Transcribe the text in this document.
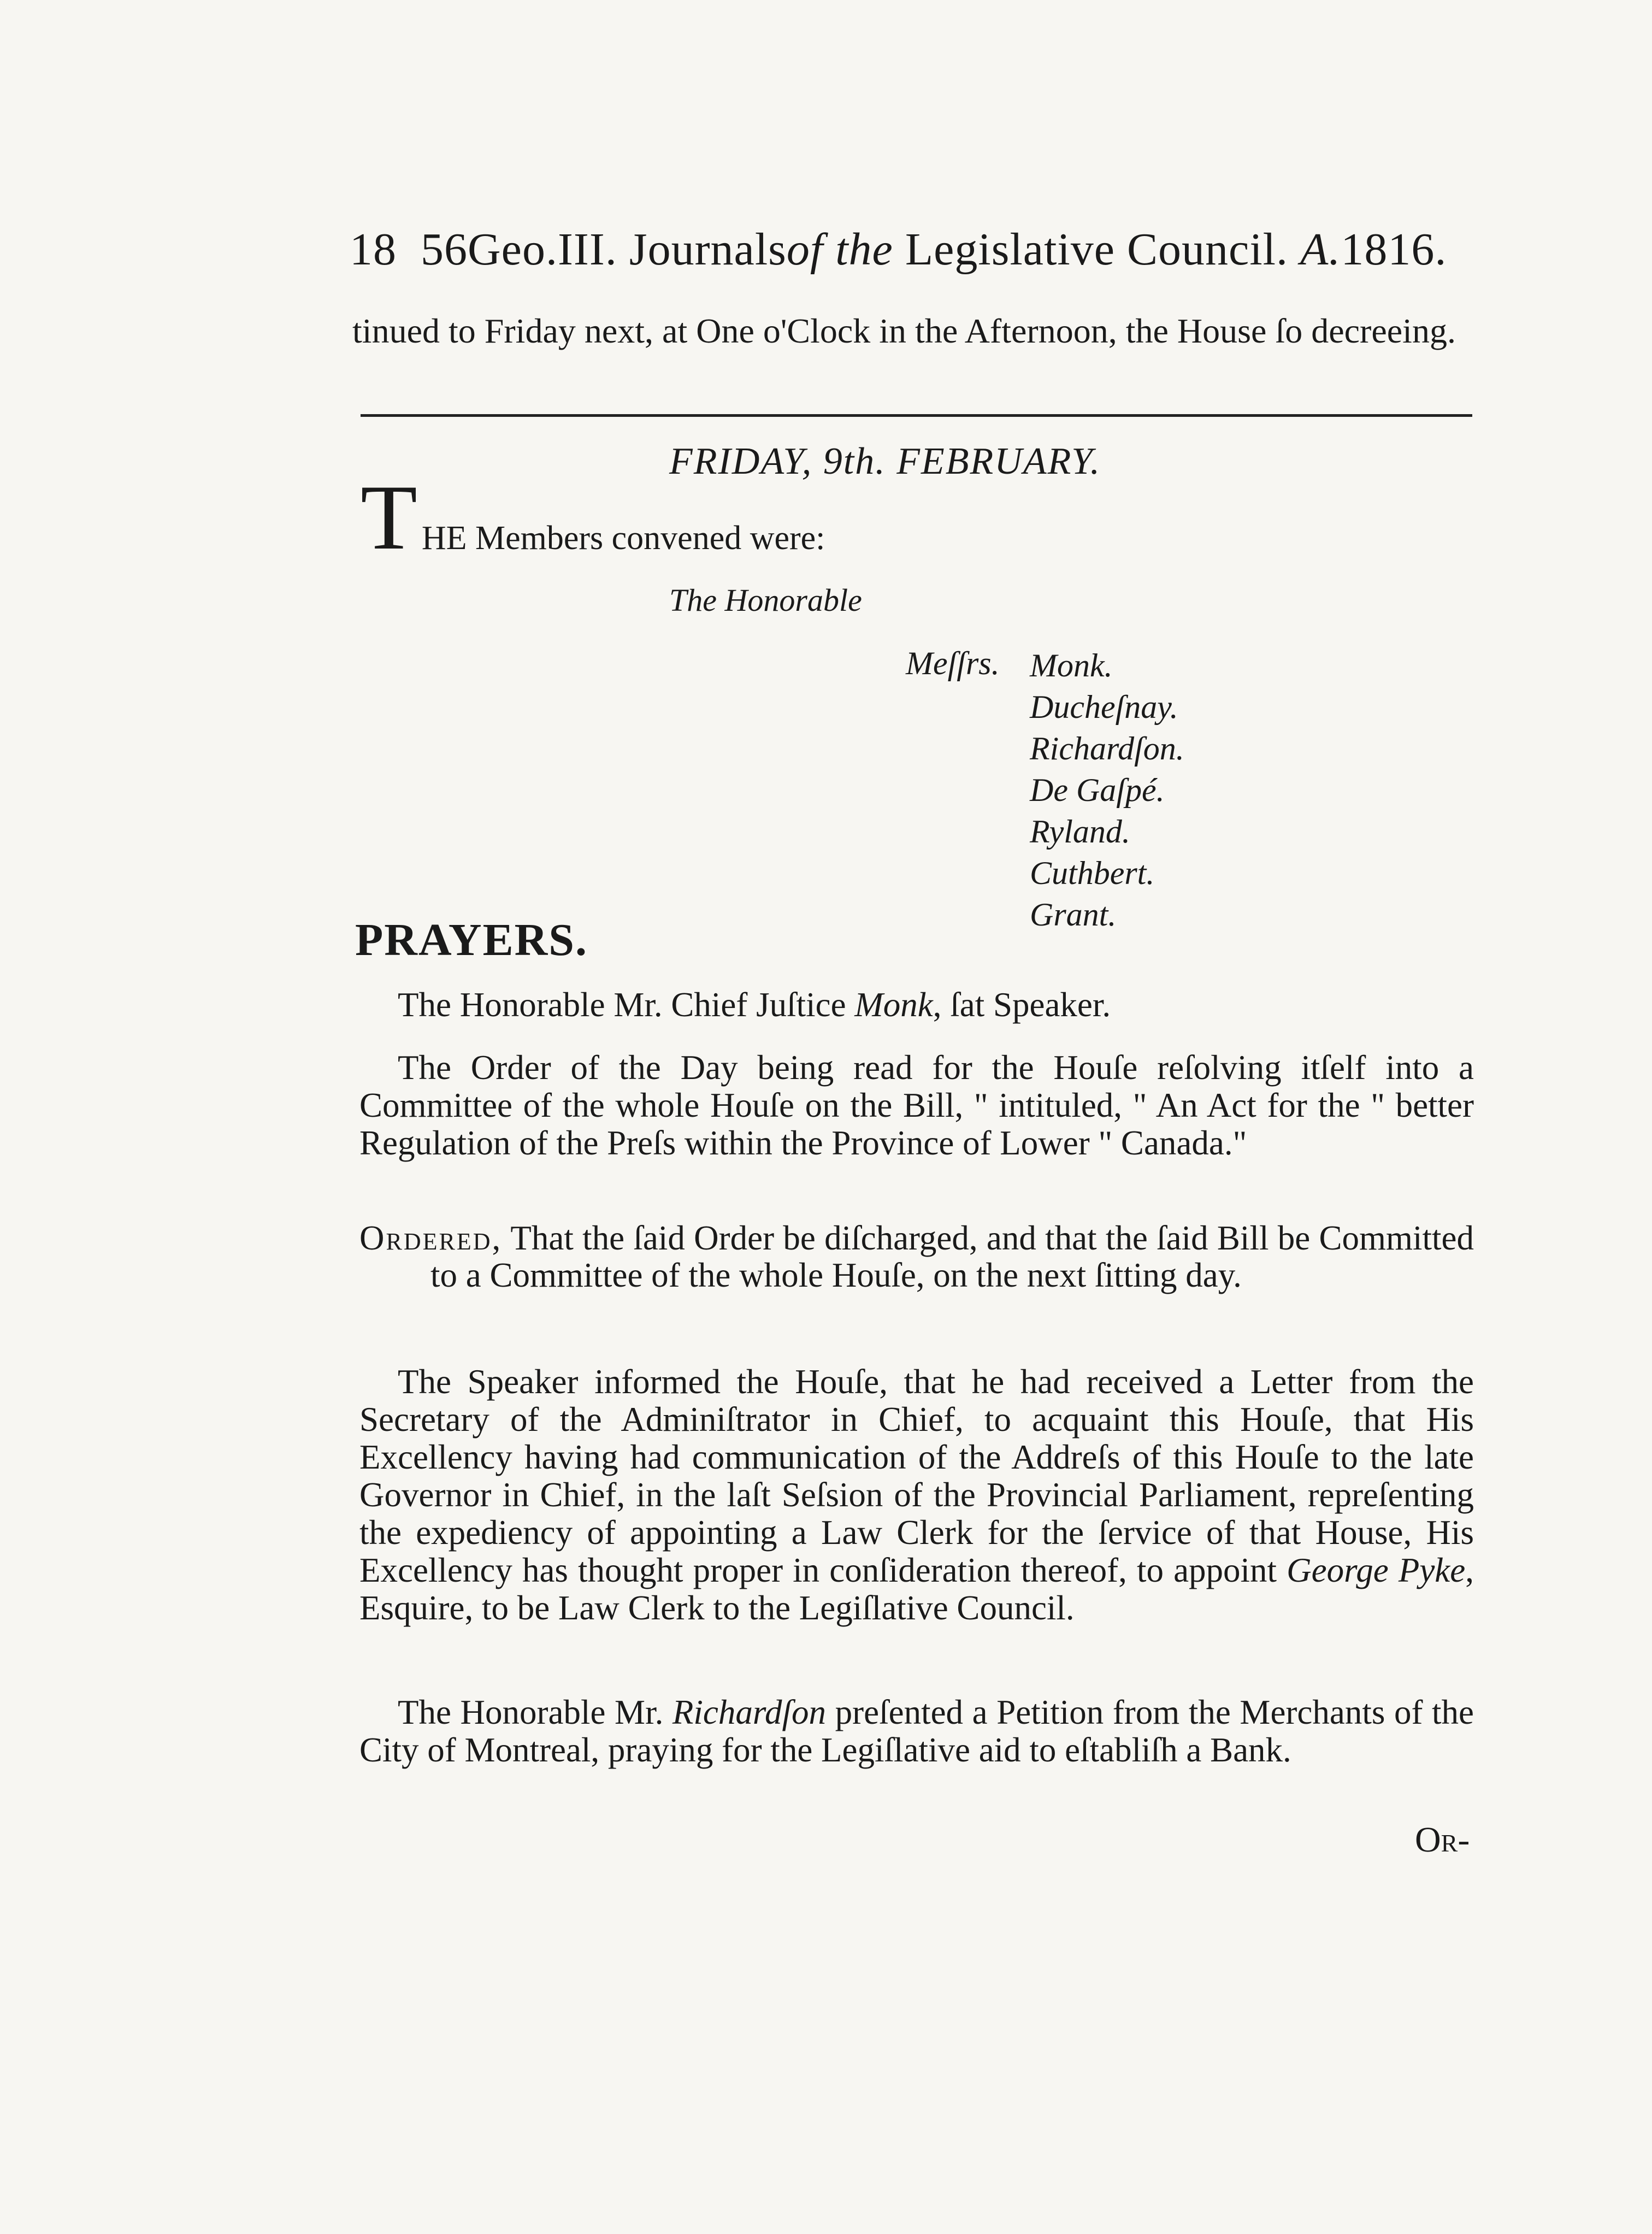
18 56Geo.III. Journalsof the Legislative Council. A.1816.
tinued to Friday next, at One o'Clock in the Afternoon, the House ſo decreeing.
FRIDAY, 9th. FEBRUARY.
T HE Members convened were:
The Honorable
Meſſrs. Monk.
Ducheſnay.
Richardſon.
De Gaſpé.
Ryland.
Cuthbert.
Grant.
PRAYERS.
The Honorable Mr. Chief Juſtice Monk, ſat Speaker.
The Order of the Day being read for the Houſe reſolving itſelf into a Committee of the whole Houſe on the Bill, " intituled, " An Act for the " better Regulation of the Preſs within the Province of Lower " Canada."
Ordered, That the ſaid Order be diſcharged, and that the ſaid Bill be Committed to a Committee of the whole Houſe, on the next ſitting day.
The Speaker informed the Houſe, that he had received a Letter from the Secretary of the Adminiſtrator in Chief, to acquaint this Houſe, that His Excellency having had communication of the Addreſs of this Houſe to the late Governor in Chief, in the laſt Seſsion of the Provincial Parliament, repreſenting the expediency of appointing a Law Clerk for the ſervice of that House, His Excellency has thought proper in conſideration thereof, to appoint George Pyke, Esquire, to be Law Clerk to the Legiſlative Council.
The Honorable Mr. Richardſon preſented a Petition from the Merchants of the City of Montreal, praying for the Legiſlative aid to eſtabliſh a Bank.
Or-
